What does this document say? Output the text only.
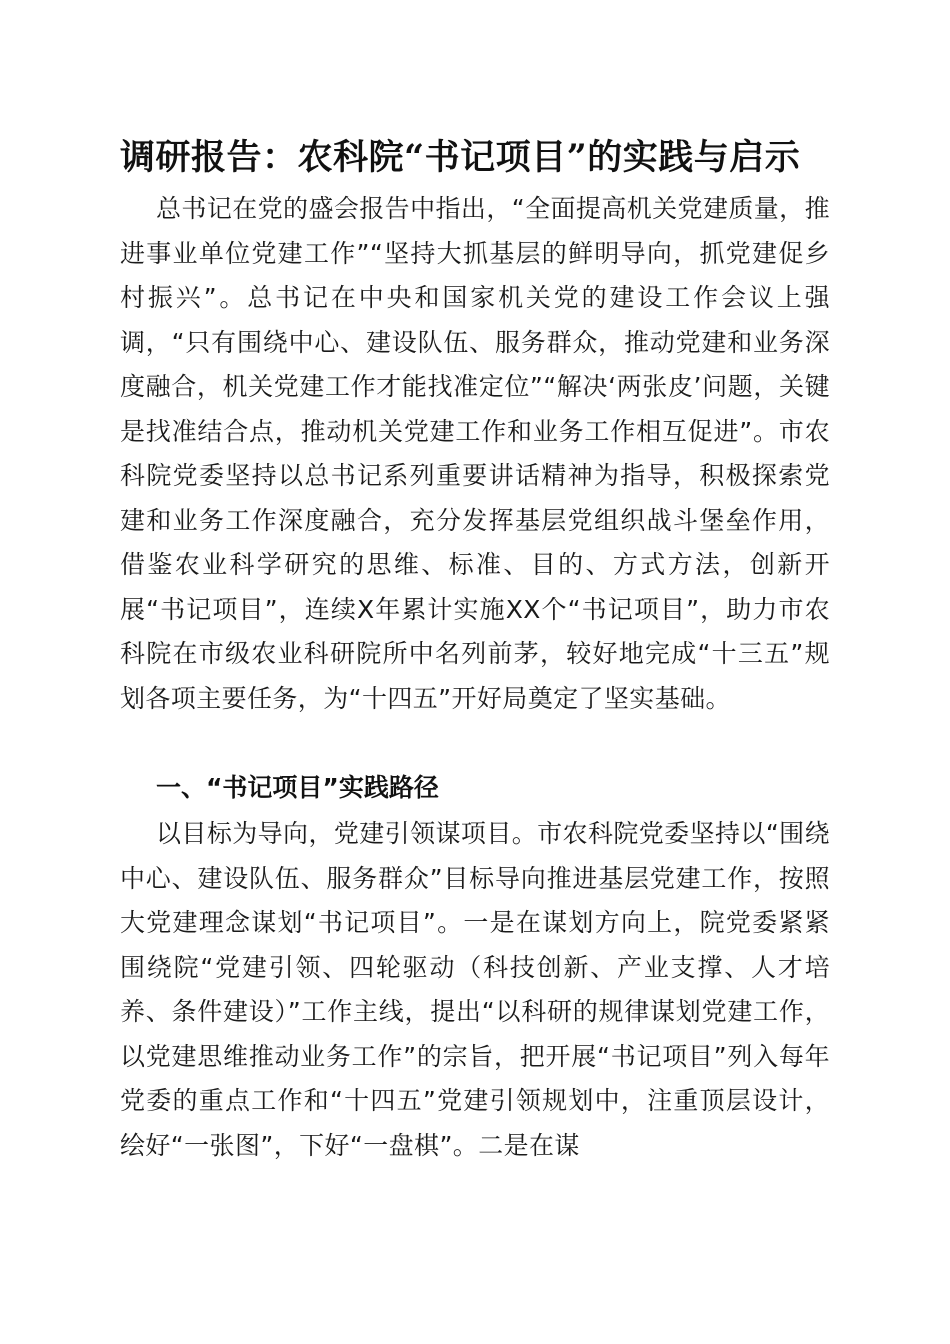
调研报告：农科院“书记项目”的实践与启示

总书记在党的盛会报告中指出，“全面提高机关党建质量，推进事业单位党建工作”“坚持大抓基层的鲜明导向，抓党建促乡村振兴”。总书记在中央和国家机关党的建设工作会议上强调，“只有围绕中心、建设队伍、服务群众，推动党建和业务深度融合，机关党建工作才能找准定位”“解决‘两张皮’问题，关键是找准结合点，推动机关党建工作和业务工作相互促进”。市农科院党委坚持以总书记系列重要讲话精神为指导，积极探索党建和业务工作深度融合，充分发挥基层党组织战斗堡垒作用，借鉴农业科学研究的思维、标准、目的、方式方法，创新开展“书记项目”，连续X年累计实施XX个“书记项目”，助力市农科院在市级农业科研院所中名列前茅，较好地完成“十三五”规划各项主要任务，为“十四五”开好局奠定了坚实基础。

一、“书记项目”实践路径

以目标为导向，党建引领谋项目。市农科院党委坚持以“围绕中心、建设队伍、服务群众”目标导向推进基层党建工作，按照大党建理念谋划“书记项目”。一是在谋划方向上，院党委紧紧围绕院“党建引领、四轮驱动（科技创新、产业支撑、人才培养、条件建设）”工作主线，提出“以科研的规律谋划党建工作，以党建思维推动业务工作”的宗旨，把开展“书记项目”列入每年党委的重点工作和“十四五”党建引领规划中，注重顶层设计，绘好“一张图”，下好“一盘棋”。二是在谋
